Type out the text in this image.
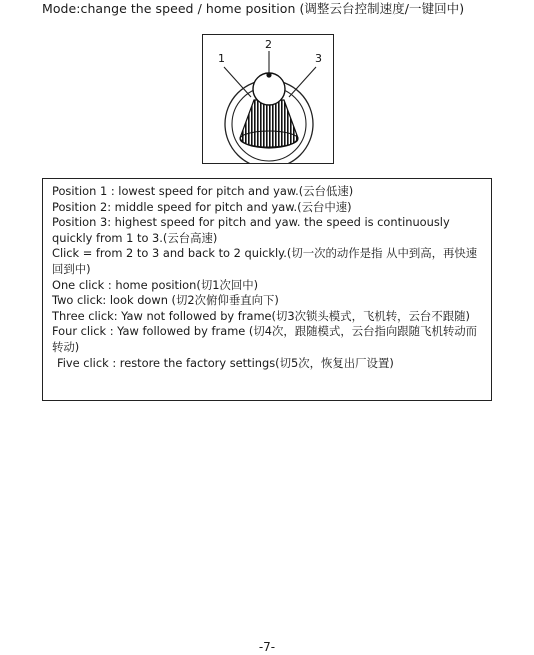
Mode:change the speed / home position (调整云台控制速度/一键回中)
1
2
3

Position 1 : lowest speed for pitch and yaw.(云台低速)

Position 2: middle speed for pitch and yaw.(云台中速)

Position 3: highest speed for pitch and yaw. the speed is continuously quickly from 1 to 3.(云台高速)

Click = from 2 to 3 and back to 2 quickly.(切一次的动作是指 从中到高，再快速回到中)

One click : home position(切1次回中)

Two click: look down (切2次俯仰垂直向下)

Three click: Yaw not followed by frame(切3次锁头模式，飞机转，云台不跟随)

Four click : Yaw followed by frame (切4次，跟随模式，云台指向跟随飞机转动而转动)

Five click : restore the factory settings(切5次，恢复出厂设置)

-7-
